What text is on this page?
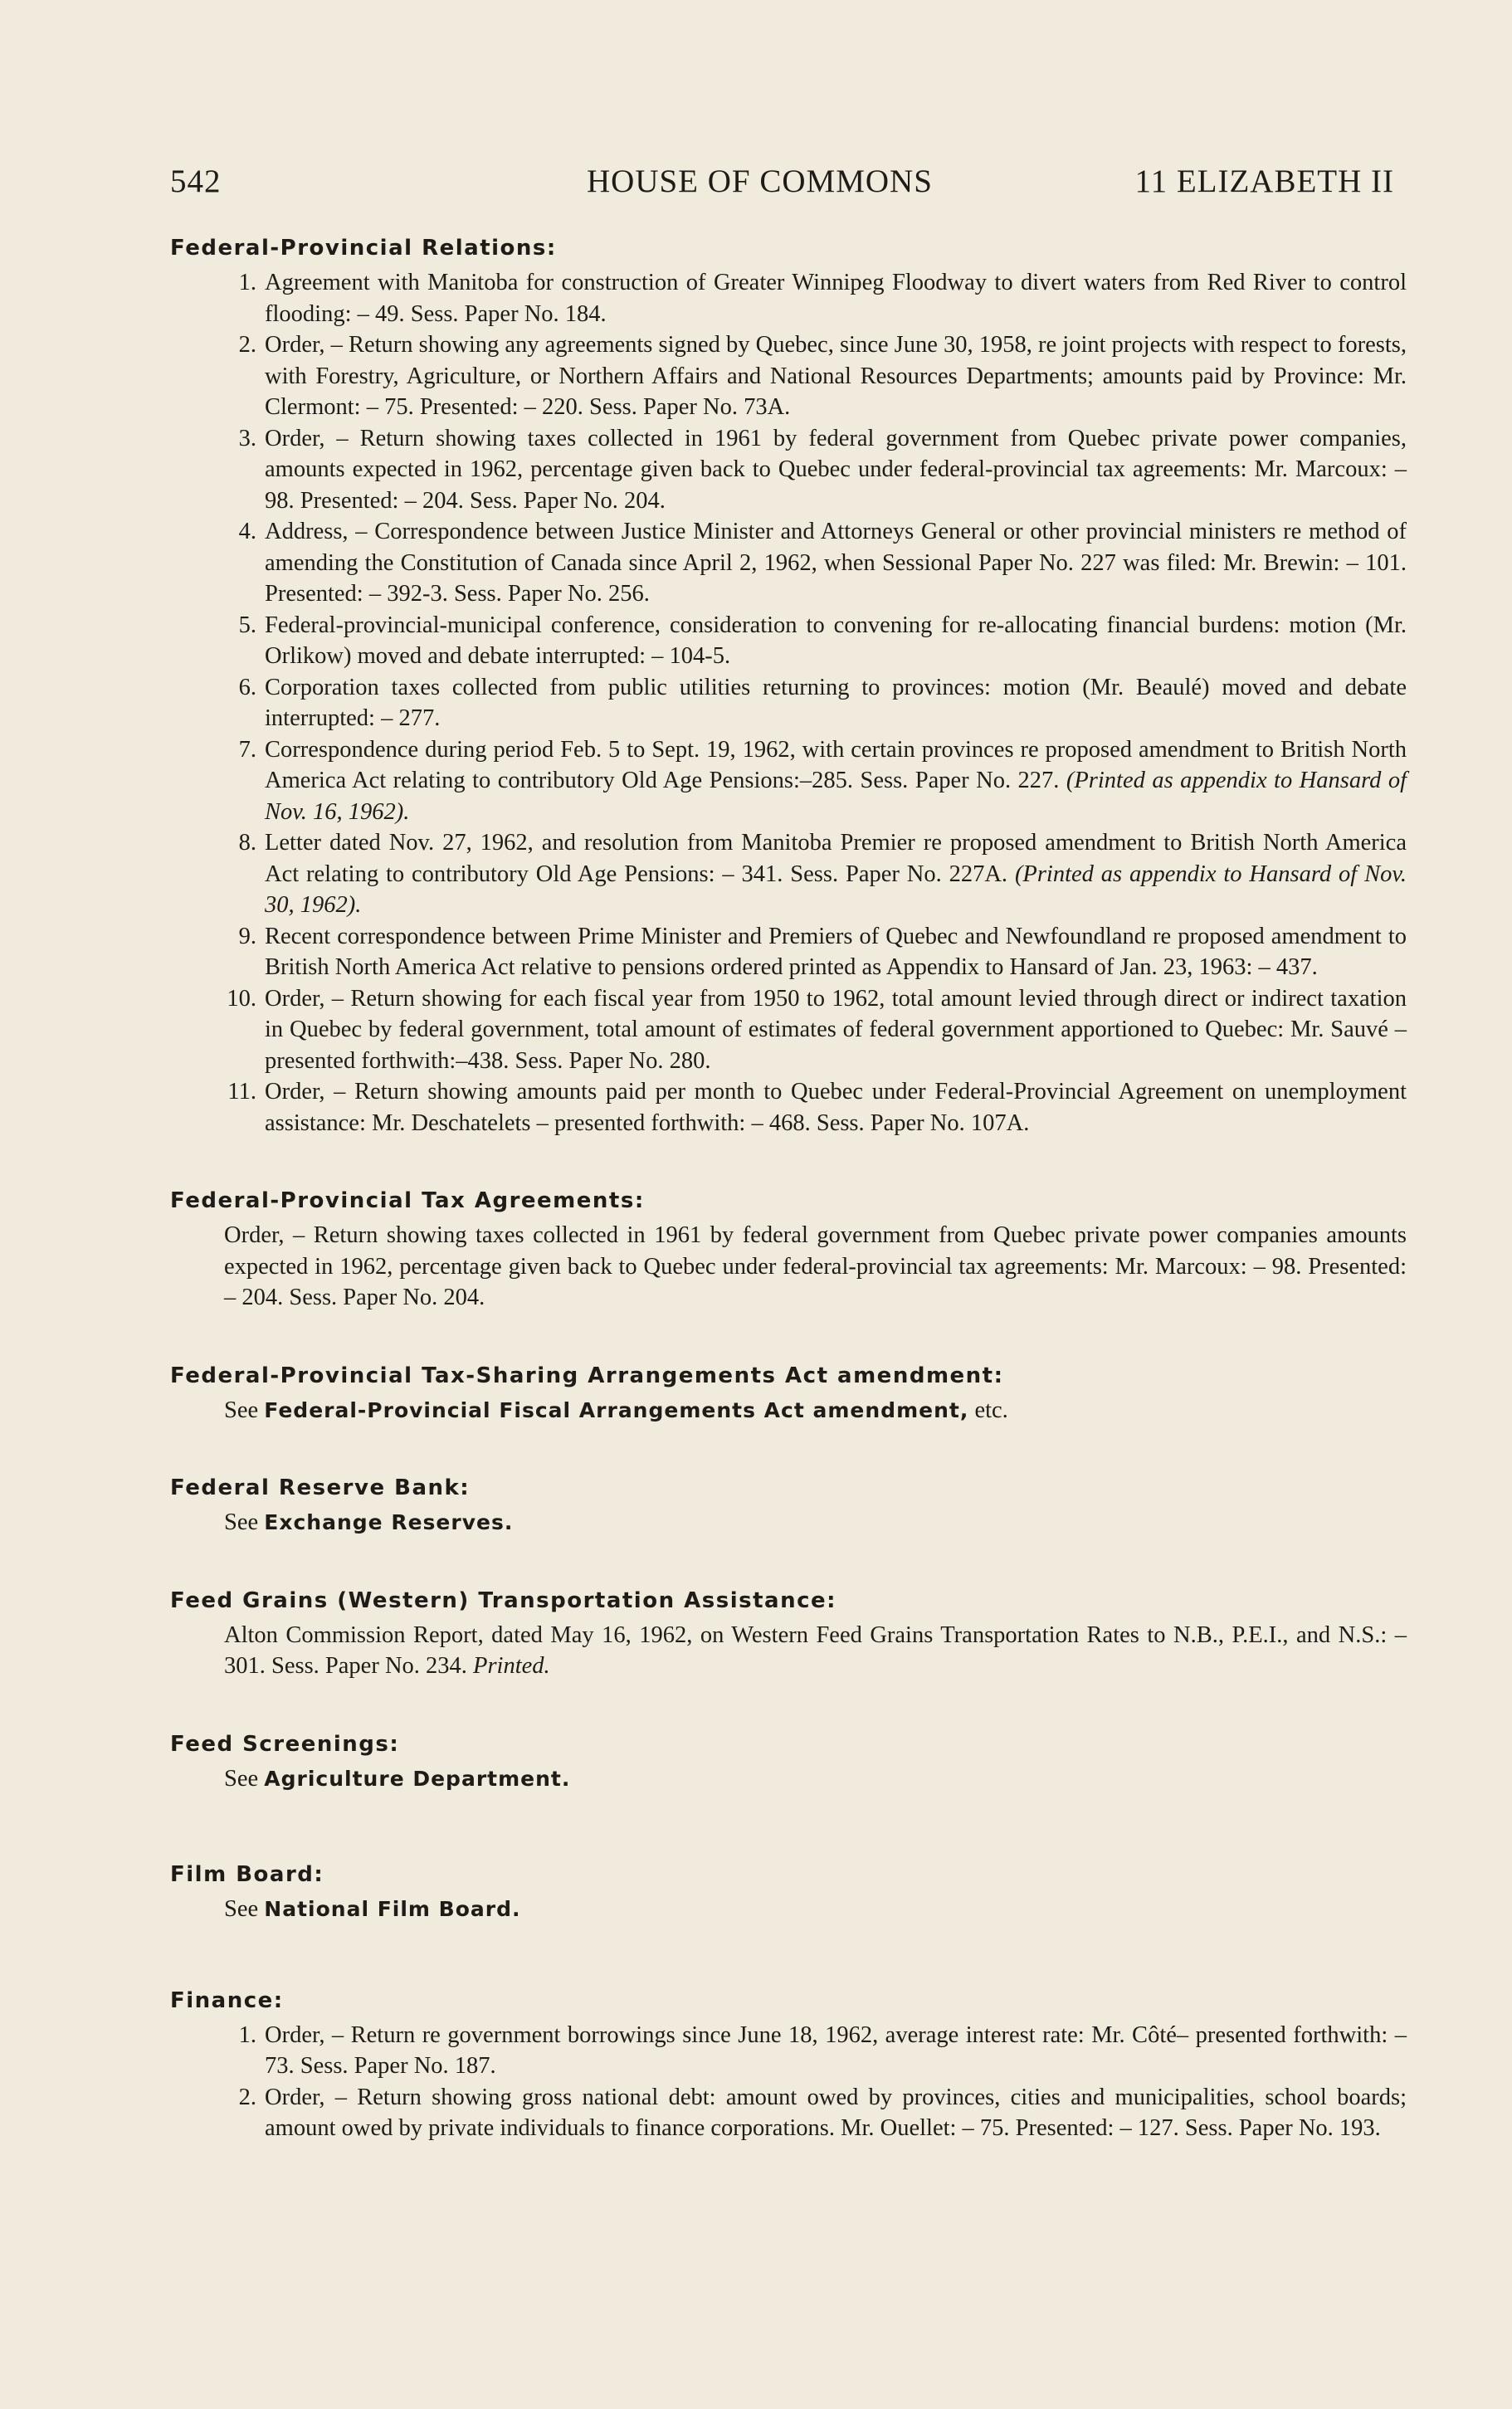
542	HOUSE OF COMMONS	11 ELIZABETH II
Federal-Provincial Relations:
1. Agreement with Manitoba for construction of Greater Winnipeg Floodway to divert waters from Red River to control flooding: – 49. Sess. Paper No. 184.
2. Order, – Return showing any agreements signed by Quebec, since June 30, 1958, re joint projects with respect to forests, with Forestry, Agriculture, or Northern Affairs and National Resources Departments; amounts paid by Province: Mr. Clermont: – 75. Presented: – 220. Sess. Paper No. 73A.
3. Order, – Return showing taxes collected in 1961 by federal government from Quebec private power companies, amounts expected in 1962, percentage given back to Quebec under federal-provincial tax agreements: Mr. Marcoux: – 98. Presented: – 204. Sess. Paper No. 204.
4. Address, – Correspondence between Justice Minister and Attorneys General or other provincial ministers re method of amending the Constitution of Canada since April 2, 1962, when Sessional Paper No. 227 was filed: Mr. Brewin: – 101. Presented: – 392-3. Sess. Paper No. 256.
5. Federal-provincial-municipal conference, consideration to convening for re-allocating financial burdens: motion (Mr. Orlikow) moved and debate interrupted: – 104-5.
6. Corporation taxes collected from public utilities returning to provinces: motion (Mr. Beaulé) moved and debate interrupted: – 277.
7. Correspondence during period Feb. 5 to Sept. 19, 1962, with certain provinces re proposed amendment to British North America Act relating to contributory Old Age Pensions:–285. Sess. Paper No. 227. (Printed as appendix to Hansard of Nov. 16, 1962).
8. Letter dated Nov. 27, 1962, and resolution from Manitoba Premier re proposed amendment to British North America Act relating to contributory Old Age Pensions: – 341. Sess. Paper No. 227A. (Printed as appendix to Hansard of Nov. 30, 1962).
9. Recent correspondence between Prime Minister and Premiers of Quebec and Newfoundland re proposed amendment to British North America Act relative to pensions ordered printed as Appendix to Hansard of Jan. 23, 1963: – 437.
10. Order, – Return showing for each fiscal year from 1950 to 1962, total amount levied through direct or indirect taxation in Quebec by federal government, total amount of estimates of federal government apportioned to Quebec: Mr. Sauvé – presented forthwith:–438. Sess. Paper No. 280.
11. Order, – Return showing amounts paid per month to Quebec under Federal-Provincial Agreement on unemployment assistance: Mr. Deschatelets – presented forthwith: – 468. Sess. Paper No. 107A.
Federal-Provincial Tax Agreements:
Order, – Return showing taxes collected in 1961 by federal government from Quebec private power companies amounts expected in 1962, percentage given back to Quebec under federal-provincial tax agreements: Mr. Marcoux: – 98. Presented: – 204. Sess. Paper No. 204.
Federal-Provincial Tax-Sharing Arrangements Act amendment:
See Federal-Provincial Fiscal Arrangements Act amendment, etc.
Federal Reserve Bank:
See Exchange Reserves.
Feed Grains (Western) Transportation Assistance:
Alton Commission Report, dated May 16, 1962, on Western Feed Grains Transportation Rates to N.B., P.E.I., and N.S.: – 301. Sess. Paper No. 234. Printed.
Feed Screenings:
See Agriculture Department.
Film Board:
See National Film Board.
Finance:
1. Order, – Return re government borrowings since June 18, 1962, average interest rate: Mr. Côté– presented forthwith: – 73. Sess. Paper No. 187.
2. Order, – Return showing gross national debt: amount owed by provinces, cities and municipalities, school boards; amount owed by private individuals to finance corporations. Mr. Ouellet: – 75. Presented: – 127. Sess. Paper No. 193.
